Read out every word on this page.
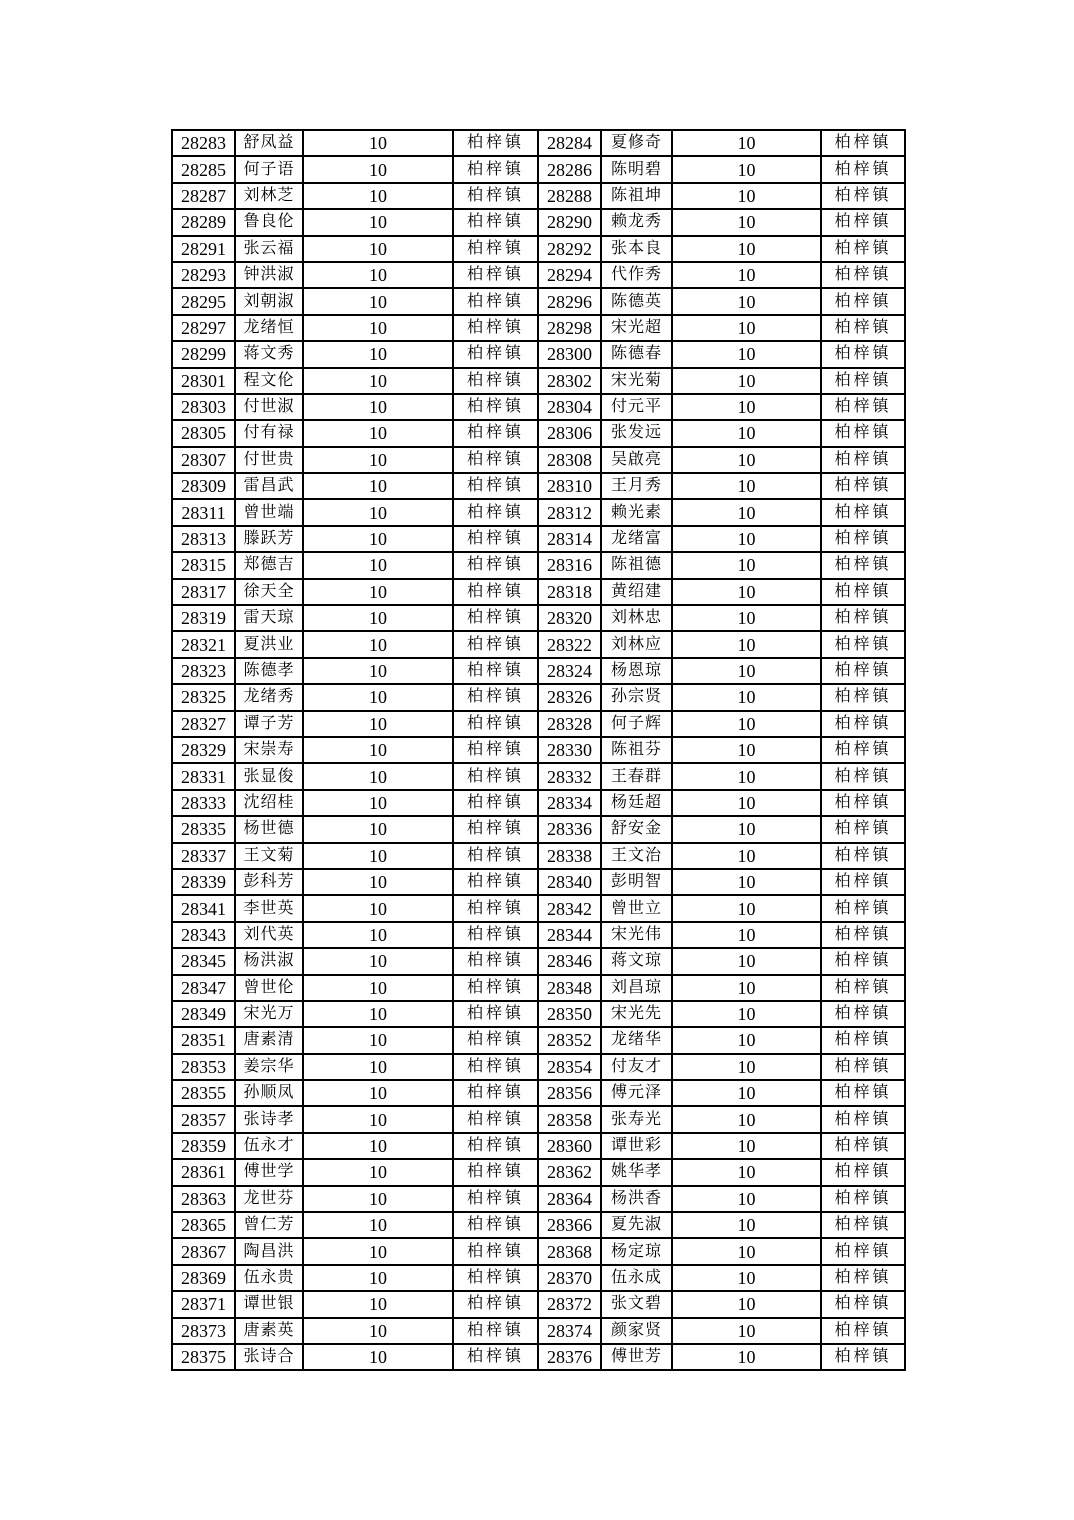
28283	舒凤益	10	柏梓镇	28284	夏修奇	10	柏梓镇
28285	何子语	10	柏梓镇	28286	陈明碧	10	柏梓镇
28287	刘林芝	10	柏梓镇	28288	陈祖坤	10	柏梓镇
28289	鲁良伦	10	柏梓镇	28290	赖龙秀	10	柏梓镇
28291	张云福	10	柏梓镇	28292	张本良	10	柏梓镇
28293	钟洪淑	10	柏梓镇	28294	代作秀	10	柏梓镇
28295	刘朝淑	10	柏梓镇	28296	陈德英	10	柏梓镇
28297	龙绪恒	10	柏梓镇	28298	宋光超	10	柏梓镇
28299	蒋文秀	10	柏梓镇	28300	陈德春	10	柏梓镇
28301	程文伦	10	柏梓镇	28302	宋光菊	10	柏梓镇
28303	付世淑	10	柏梓镇	28304	付元平	10	柏梓镇
28305	付有禄	10	柏梓镇	28306	张发远	10	柏梓镇
28307	付世贵	10	柏梓镇	28308	吴啟亮	10	柏梓镇
28309	雷昌武	10	柏梓镇	28310	王月秀	10	柏梓镇
28311	曾世端	10	柏梓镇	28312	赖光素	10	柏梓镇
28313	滕跃芳	10	柏梓镇	28314	龙绪富	10	柏梓镇
28315	郑德吉	10	柏梓镇	28316	陈祖德	10	柏梓镇
28317	徐天全	10	柏梓镇	28318	黄绍建	10	柏梓镇
28319	雷天琼	10	柏梓镇	28320	刘林忠	10	柏梓镇
28321	夏洪业	10	柏梓镇	28322	刘林应	10	柏梓镇
28323	陈德孝	10	柏梓镇	28324	杨恩琼	10	柏梓镇
28325	龙绪秀	10	柏梓镇	28326	孙宗贤	10	柏梓镇
28327	谭子芳	10	柏梓镇	28328	何子辉	10	柏梓镇
28329	宋崇寿	10	柏梓镇	28330	陈祖芬	10	柏梓镇
28331	张显俊	10	柏梓镇	28332	王春群	10	柏梓镇
28333	沈绍桂	10	柏梓镇	28334	杨廷超	10	柏梓镇
28335	杨世德	10	柏梓镇	28336	舒安金	10	柏梓镇
28337	王文菊	10	柏梓镇	28338	王文治	10	柏梓镇
28339	彭科芳	10	柏梓镇	28340	彭明智	10	柏梓镇
28341	李世英	10	柏梓镇	28342	曾世立	10	柏梓镇
28343	刘代英	10	柏梓镇	28344	宋光伟	10	柏梓镇
28345	杨洪淑	10	柏梓镇	28346	蒋文琼	10	柏梓镇
28347	曾世伦	10	柏梓镇	28348	刘昌琼	10	柏梓镇
28349	宋光万	10	柏梓镇	28350	宋光先	10	柏梓镇
28351	唐素清	10	柏梓镇	28352	龙绪华	10	柏梓镇
28353	姜宗华	10	柏梓镇	28354	付友才	10	柏梓镇
28355	孙顺凤	10	柏梓镇	28356	傅元泽	10	柏梓镇
28357	张诗孝	10	柏梓镇	28358	张寿光	10	柏梓镇
28359	伍永才	10	柏梓镇	28360	谭世彩	10	柏梓镇
28361	傅世学	10	柏梓镇	28362	姚华孝	10	柏梓镇
28363	龙世芬	10	柏梓镇	28364	杨洪香	10	柏梓镇
28365	曾仁芳	10	柏梓镇	28366	夏先淑	10	柏梓镇
28367	陶昌洪	10	柏梓镇	28368	杨定琼	10	柏梓镇
28369	伍永贵	10	柏梓镇	28370	伍永成	10	柏梓镇
28371	谭世银	10	柏梓镇	28372	张文碧	10	柏梓镇
28373	唐素英	10	柏梓镇	28374	颜家贤	10	柏梓镇
28375	张诗合	10	柏梓镇	28376	傅世芳	10	柏梓镇
